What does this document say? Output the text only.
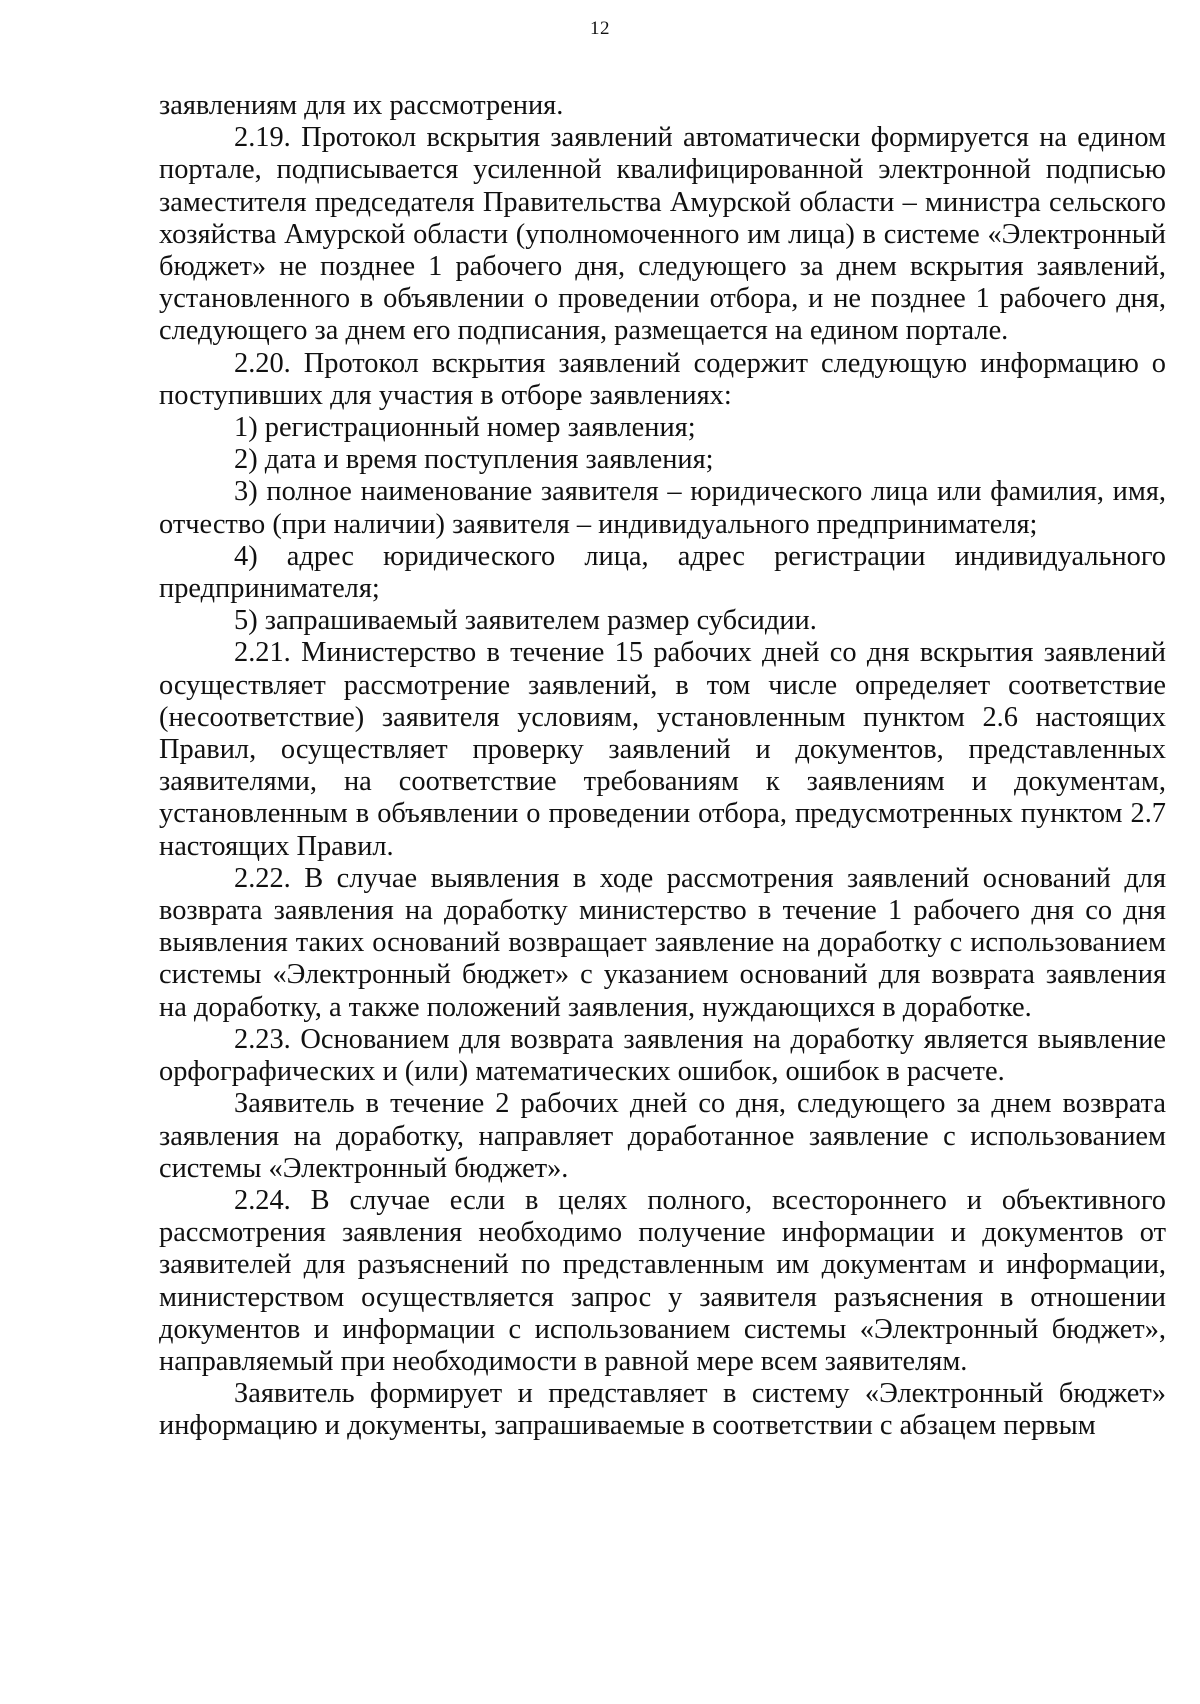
12

заявлениям для их рассмотрения.

2.19. Протокол вскрытия заявлений автоматически формируется на едином портале, подписывается усиленной квалифицированной электронной подписью заместителя председателя Правительства Амурской области – министра сельского хозяйства Амурской области (уполномоченного им лица) в системе «Электронный бюджет» не позднее 1 рабочего дня, следующего за днем вскрытия заявлений, установленного в объявлении о проведении отбора, и не позднее 1 рабочего дня, следующего за днем его подписания, размещается на едином портале.

2.20. Протокол вскрытия заявлений содержит следующую информацию о поступивших для участия в отборе заявлениях:

1) регистрационный номер заявления;

2) дата и время поступления заявления;

3) полное наименование заявителя – юридического лица или фамилия, имя, отчество (при наличии) заявителя – индивидуального предпринимателя;

4) адрес юридического лица, адрес регистрации индивидуального предпринимателя;

5) запрашиваемый заявителем размер субсидии.

2.21. Министерство в течение 15 рабочих дней со дня вскрытия заявлений осуществляет рассмотрение заявлений, в том числе определяет соответствие (несоответствие) заявителя условиям, установленным пунктом 2.6 настоящих Правил, осуществляет проверку заявлений и документов, представленных заявителями, на соответствие требованиям к заявлениям и документам, установленным в объявлении о проведении отбора, предусмотренных пунктом 2.7 настоящих Правил.

2.22. В случае выявления в ходе рассмотрения заявлений оснований для возврата заявления на доработку министерство в течение 1 рабочего дня со дня выявления таких оснований возвращает заявление на доработку с использованием системы «Электронный бюджет» с указанием оснований для возврата заявления на доработку, а также положений заявления, нуждающихся в доработке.

2.23. Основанием для возврата заявления на доработку является выявление орфографических и (или) математических ошибок, ошибок в расчете.

Заявитель в течение 2 рабочих дней со дня, следующего за днем возврата заявления на доработку, направляет доработанное заявление с использованием системы «Электронный бюджет».

2.24. В случае если в целях полного, всестороннего и объективного рассмотрения заявления необходимо получение информации и документов от заявителей для разъяснений по представленным им документам и информации, министерством осуществляется запрос у заявителя разъяснения в отношении документов и информации с использованием системы «Электронный бюджет», направляемый при необходимости в равной мере всем заявителям.

Заявитель формирует и представляет в систему «Электронный бюджет» информацию и документы, запрашиваемые в соответствии с абзацем первым
